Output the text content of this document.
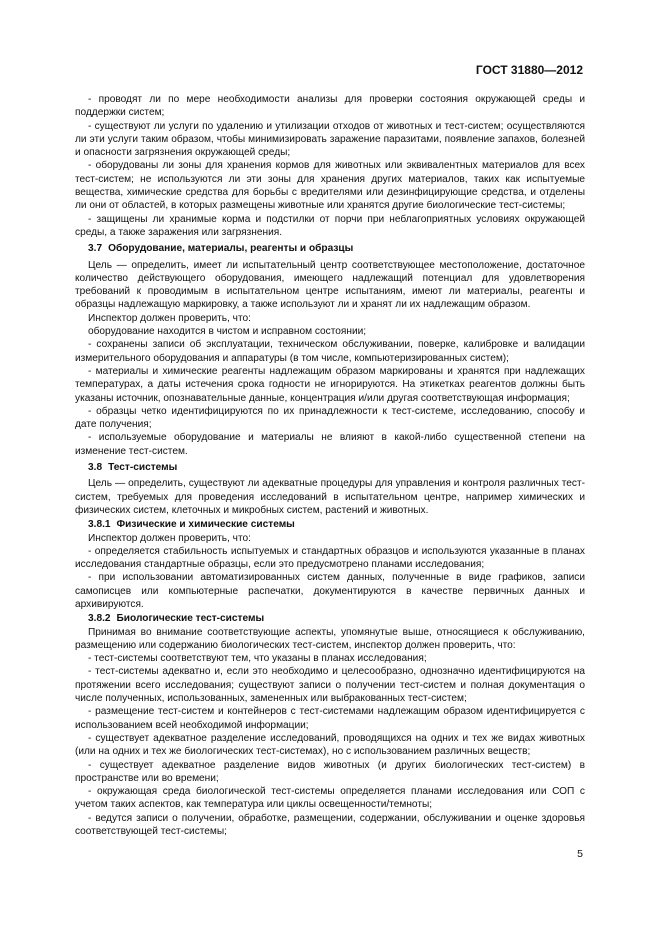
ГОСТ 31880—2012

- проводят ли по мере необходимости анализы для проверки состояния окружающей среды и поддержки систем;

- существуют ли услуги по удалению и утилизации отходов от животных и тест-систем; осуществляются ли эти услуги таким образом, чтобы минимизировать заражение паразитами, появление запахов, болезней и опасности загрязнения окружающей среды;

- оборудованы ли зоны для хранения кормов для животных или эквивалентных материалов для всех тест-систем; не используются ли эти зоны для хранения других материалов, таких как испытуемые вещества, химические средства для борьбы с вредителями или дезинфицирующие средства, и отделены ли они от областей, в которых размещены животные или хранятся другие биологические тест-системы;

- защищены ли хранимые корма и подстилки от порчи при неблагоприятных условиях окружающей среды, а также заражения или загрязнения.

3.7 Оборудование, материалы, реагенты и образцы

Цель — определить, имеет ли испытательный центр соответствующее местоположение, достаточное количество действующего оборудования, имеющего надлежащий потенциал для удовлетворения требований к проводимым в испытательном центре испытаниям, имеют ли материалы, реагенты и образцы надлежащую маркировку, а также используют ли и хранят ли их надлежащим образом.

Инспектор должен проверить, что:

оборудование находится в чистом и исправном состоянии;

- сохранены записи об эксплуатации, техническом обслуживании, поверке, калибровке и валидации измерительного оборудования и аппаратуры (в том числе, компьютеризированных систем);

- материалы и химические реагенты надлежащим образом маркированы и хранятся при надлежащих температурах, а даты истечения срока годности не игнорируются. На этикетках реагентов должны быть указаны источник, опознавательные данные, концентрация и/или другая соответствующая информация;

- образцы четко идентифицируются по их принадлежности к тест-системе, исследованию, способу и дате получения;

- используемые оборудование и материалы не влияют в какой-либо существенной степени на изменение тест-систем.

3.8 Тест-системы

Цель — определить, существуют ли адекватные процедуры для управления и контроля различных тест-систем, требуемых для проведения исследований в испытательном центре, например химических и физических систем, клеточных и микробных систем, растений и животных.

3.8.1 Физические и химические системы

Инспектор должен проверить, что:

- определяется стабильность испытуемых и стандартных образцов и используются указанные в планах исследования стандартные образцы, если это предусмотрено планами исследования;

- при использовании автоматизированных систем данных, полученные в виде графиков, записи самописцев или компьютерные распечатки, документируются в качестве первичных данных и архивируются.

3.8.2 Биологические тест-системы

Принимая во внимание соответствующие аспекты, упомянутые выше, относящиеся к обслуживанию, размещению или содержанию биологических тест-систем, инспектор должен проверить, что:

- тест-системы соответствуют тем, что указаны в планах исследования;

- тест-системы адекватно и, если это необходимо и целесообразно, однозначно идентифицируются на протяжении всего исследования; существуют записи о получении тест-систем и полная документация о числе полученных, использованных, замененных или выбракованных тест-систем;

- размещение тест-систем и контейнеров с тест-системами надлежащим образом идентифицируется с использованием всей необходимой информации;

- существует адекватное разделение исследований, проводящихся на одних и тех же видах животных (или на одних и тех же биологических тест-системах), но с использованием различных веществ;

- существует адекватное разделение видов животных (и других биологических тест-систем) в пространстве или во времени;

- окружающая среда биологической тест-системы определяется планами исследования или СОП с учетом таких аспектов, как температура или циклы освещенности/темноты;

- ведутся записи о получении, обработке, размещении, содержании, обслуживании и оценке здоровья соответствующей тест-системы;

5
